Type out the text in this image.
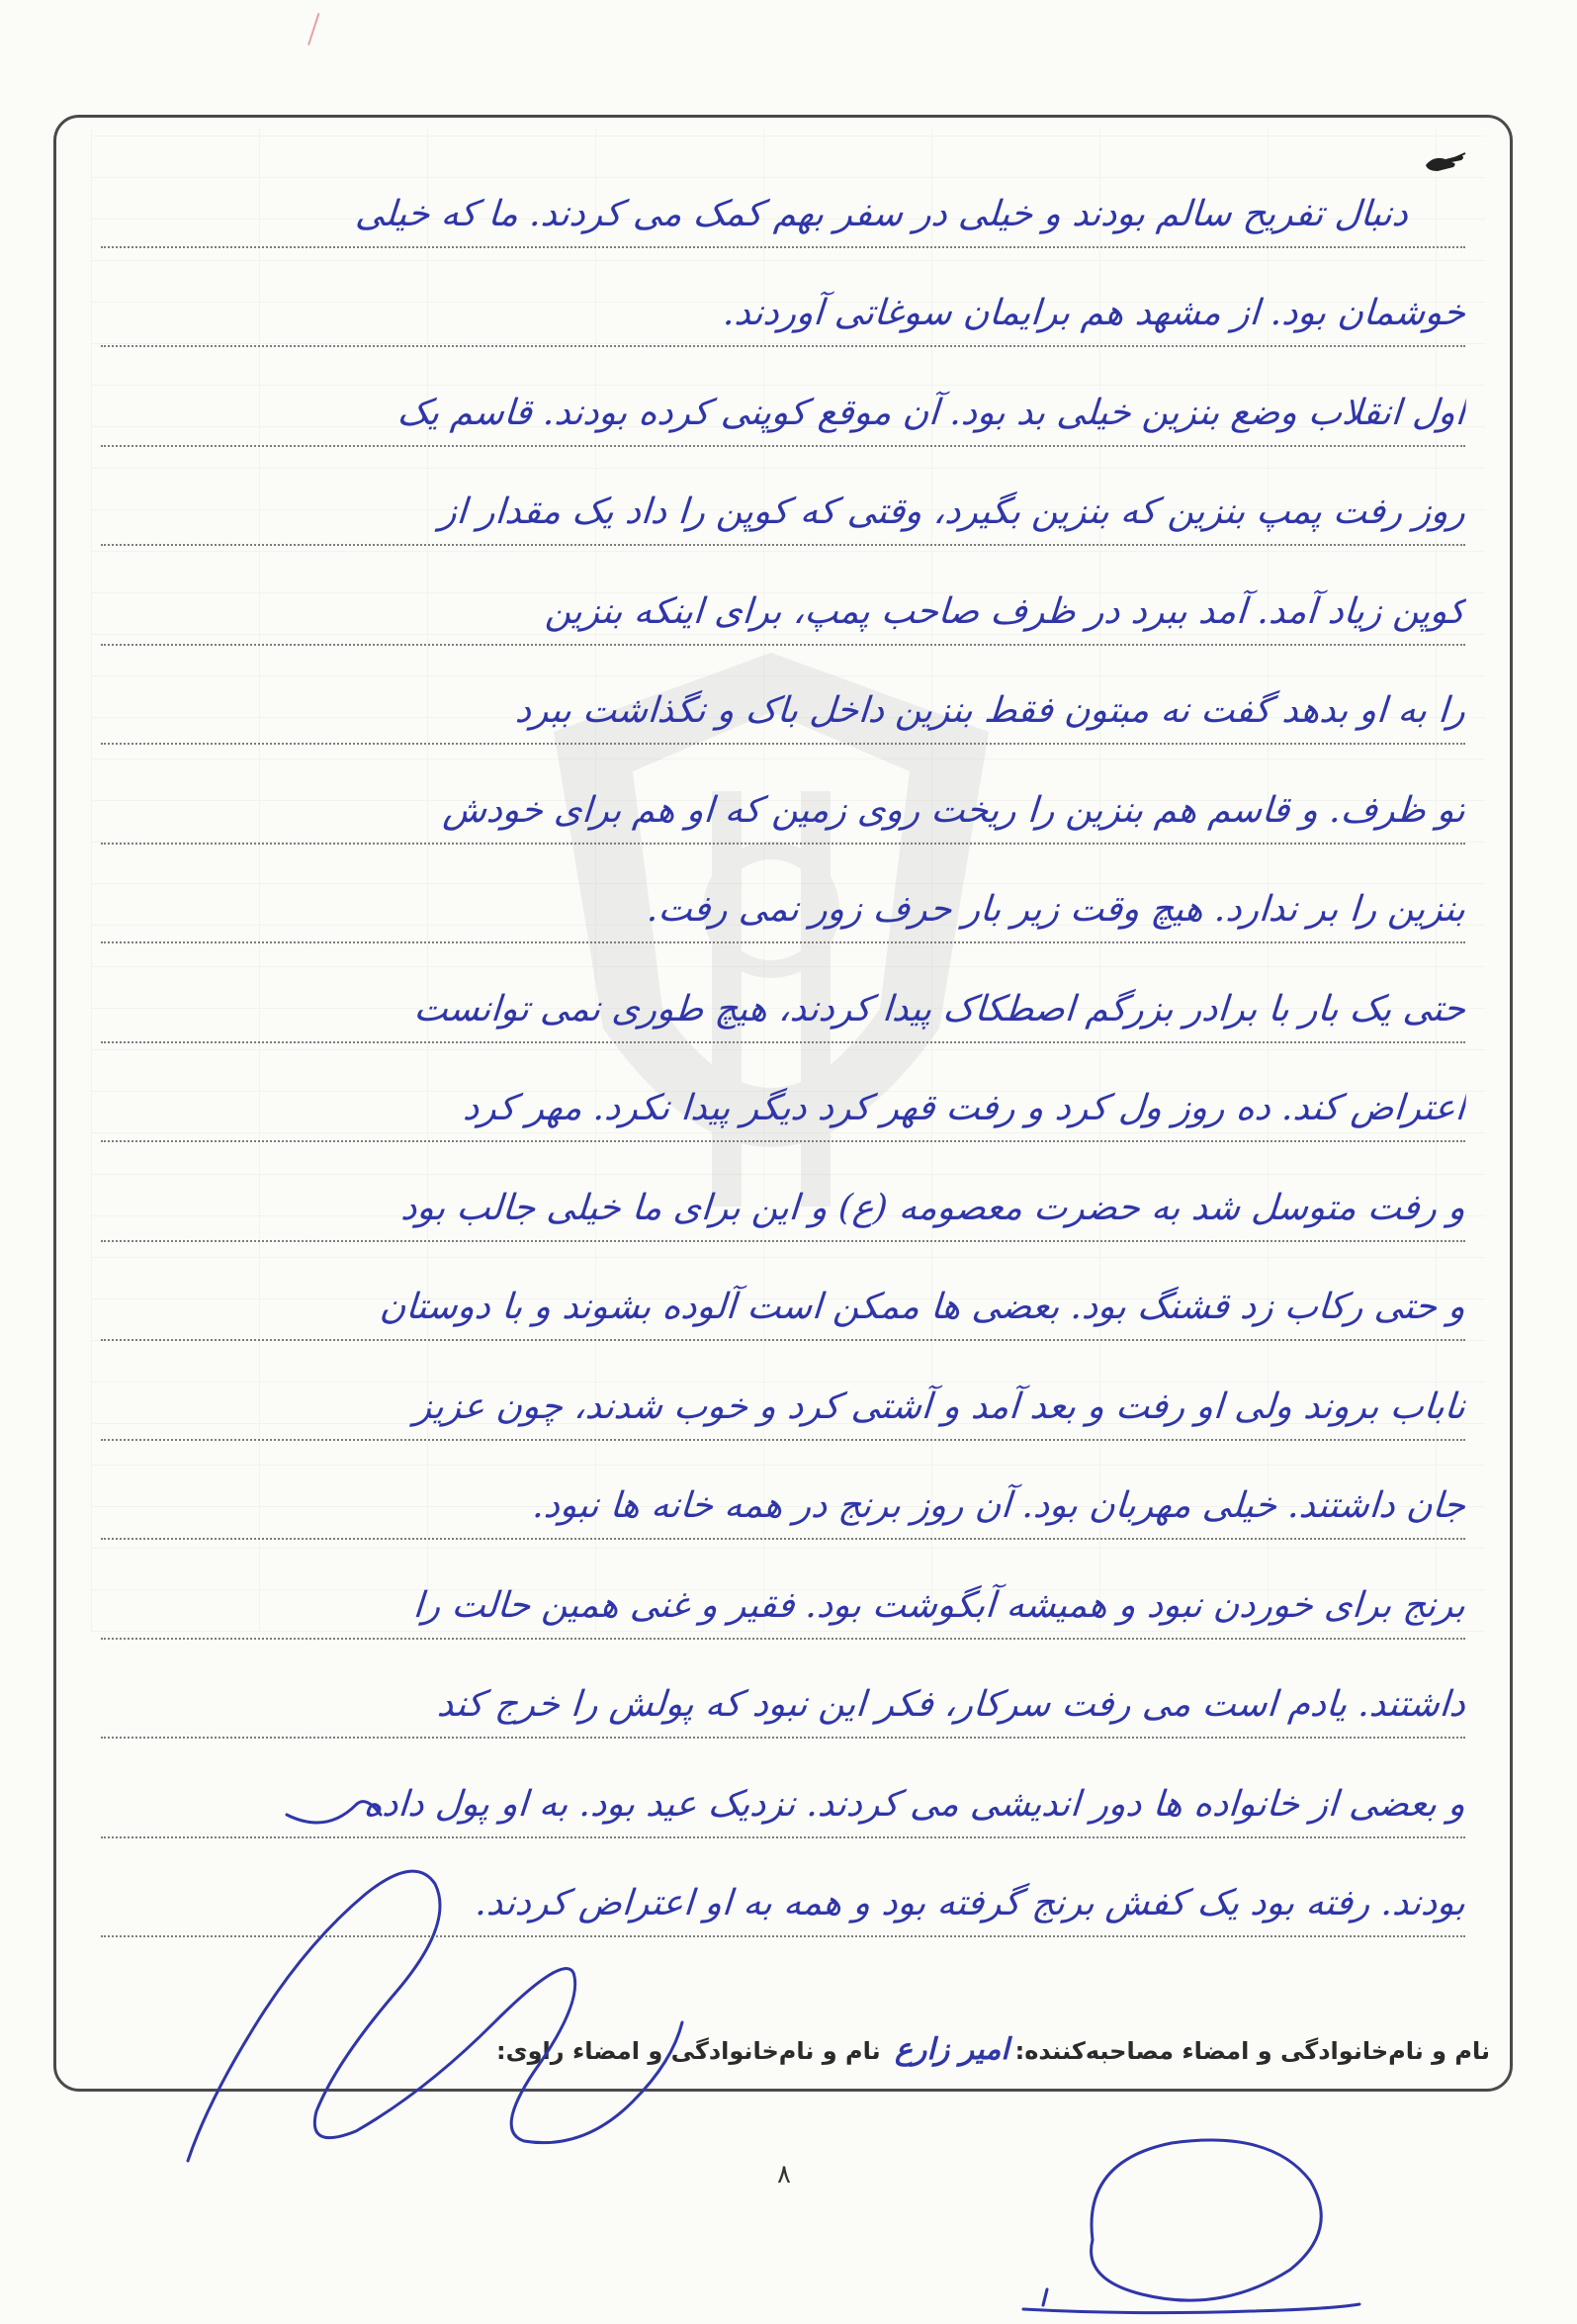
دنبال تفریح سالم بودند و خیلی در سفر بهم کمک می کردند. ما که خیلی
خوشمان بود. از مشهد هم برایمان سوغاتی آوردند.
اول انقلاب وضع بنزین خیلی بد بود. آن موقع کوپنی کرده بودند. قاسم یک
روز رفت پمپ بنزین که بنزین بگیرد، وقتی که کوپن را داد یک مقدار از
کوپن زیاد آمد. آمد ببرد در ظرف صاحب پمپ، برای اینکه بنزین
را به او بدهد گفت نه مبتون فقط بنزین داخل باک و نگذاشت ببرد
تو ظرف. و قاسم هم بنزین را ریخت روی زمین که او هم برای خودش
بنزین را بر ندارد. هیچ وقت زیر بار حرف زور نمی رفت.
حتی یک بار با برادر بزرگم اصطکاک پیدا کردند، هیچ طوری نمی توانست
اعتراض کند. ده روز ول کرد و رفت قهر کرد دیگر پیدا نکرد. مهر کرد
و رفت متوسل شد به حضرت معصومه (ع) و این برای ما خیلی جالب بود
و حتی رکاب زد قشنگ بود. بعضی ها ممکن است آلوده بشوند و با دوستان
ناباب بروند ولی او رفت و بعد آمد و آشتی کرد و خوب شدند، چون عزیز
جان داشتند. خیلی مهربان بود. آن روز برنج در همه خانه ها نبود.
برنج برای خوردن نبود و همیشه آبگوشت بود. فقیر و غنی همین حالت را
داشتند. یادم است می رفت سرکار، فکر این نبود که پولش را خرج کند
و بعضی از خانواده ها دور اندیشی می کردند. نزدیک عید بود. به او پول داده
بودند. رفته بود یک کفش برنج گرفته بود و همه به او اعتراض کردند.
نام و نام‌خانوادگی و امضاء مصاحبه‌کننده:امیر زارع نام و نام‌خانوادگی و امضاء راوی:
۸
